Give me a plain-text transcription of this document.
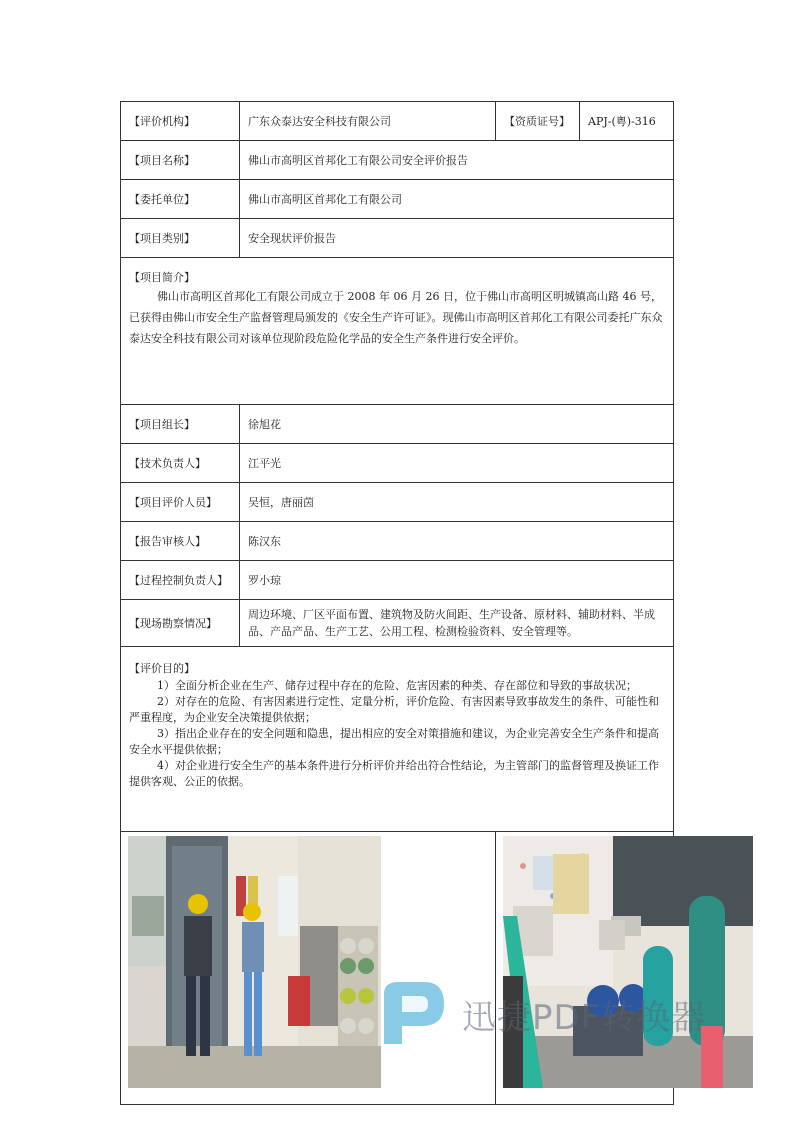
【评价机构】	广东众泰达安全科技有限公司	【资质证号】	APJ-(粤)-316
【项目名称】	佛山市高明区首邦化工有限公司安全评价报告		
【委托单位】	佛山市高明区首邦化工有限公司		
【项目类别】	安全现状评价报告		

【项目简介】

佛山市高明区首邦化工有限公司成立于 2008 年 06 月 26 日，位于佛山市高明区明城镇高山路 46 号，已获得由佛山市安全生产监督管理局颁发的《安全生产许可证》。现佛山市高明区首邦化工有限公司委托广东众泰达安全科技有限公司对该单位现阶段危险化学品的安全生产条件进行安全评价。			

【项目组长】	徐旭花		
【技术负责人】	江平光		
【项目评价人员】	吴恒，唐丽茵		
【报告审核人】	陈汉东		
【过程控制负责人】	罗小琼		
【现场勘察情况】	周边环境、厂区平面布置、建筑物及防火间距、生产设备、原材料、辅助材料、半成品、产品产品、生产工艺、公用工程、检测检验资料、安全管理等。		

【评价目的】

1）全面分析企业在生产、储存过程中存在的危险、危害因素的种类、存在部位和导致的事故状况；

2）对存在的危险、有害因素进行定性、定量分析，评价危险、有害因素导致事故发生的条件、可能性和严重程度，为企业安全决策提供依据；

3）指出企业存在的安全问题和隐患，提出相应的安全对策措施和建议，为企业完善安全生产条件和提高安全水平提供依据；

4）对企业进行安全生产的基本条件进行分析评价并给出符合性结论，为主管部门的监督管理及换证工作提供客观、公正的依据。			

迅捷PDF转换器
